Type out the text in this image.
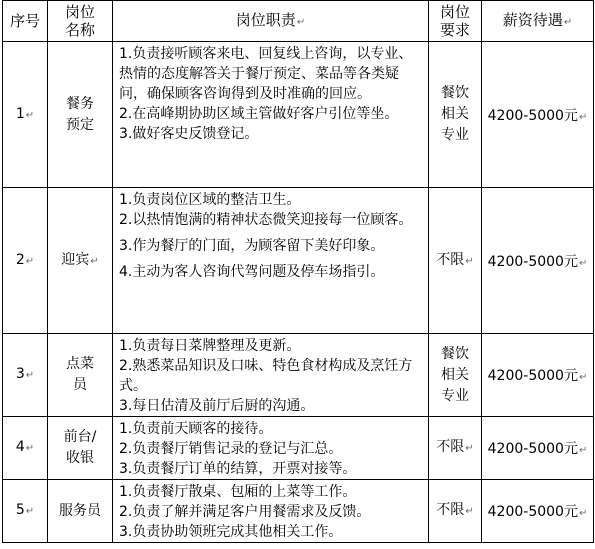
序号	岗位名称	岗位职责↵	岗位要求	薪资待遇↵
1↵	餐务预定	1.负责接听顾客来电、回复线上咨询，以专业、热情的态度解答关于餐厅预定、菜品等各类疑问，确保顾客咨询得到及时准确的回应。
2.在高峰期协助区域主管做好客户引位等坐。
3.做好客史反馈登记。	餐饮相关专业	4200-5000元↵
2↵	迎宾↵	1.负责岗位区域的整洁卫生。
2.以热情饱满的精神状态微笑迎接每一位顾客。
3.作为餐厅的门面，为顾客留下美好印象。
4.主动为客人咨询代驾问题及停车场指引。	不限↵	4200-5000元↵
3↵	点菜员	1.负责每日菜牌整理及更新。
2.熟悉菜品知识及口味、特色食材构成及烹饪方式。
3.每日估清及前厅后厨的沟通。	餐饮相关专业	4200-5000元↵
4↵	前台/收银	1.负责前天顾客的接待。
2.负责餐厅销售记录的登记与汇总。
3.负责餐厅订单的结算，开票对接等。	不限↵	4200-5000元↵
5↵	服务员	1.负责餐厅散桌、包厢的上菜等工作。
2.负责了解并满足客户用餐需求及反馈。
3.负责协助领班完成其他相关工作。	不限↵	4200-5000元↵
